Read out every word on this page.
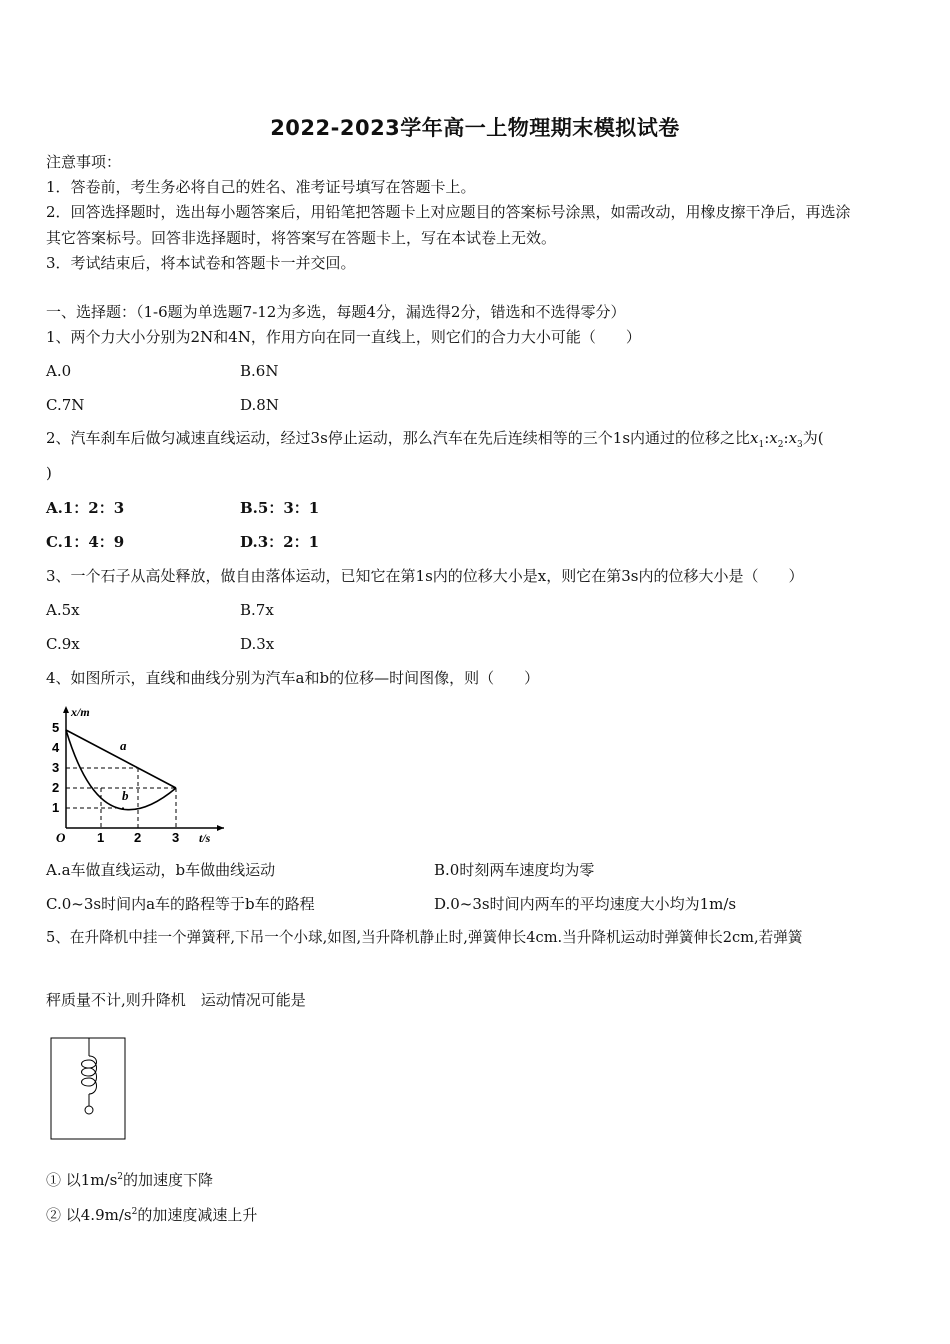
2022-2023学年高一上物理期末模拟试卷
注意事项：
1．答卷前，考生务必将自己的姓名、准考证号填写在答题卡上。
2．回答选择题时，选出每小题答案后，用铅笔把答题卡上对应题目的答案标号涂黑，如需改动，用橡皮擦干净后，再选涂
其它答案标号。回答非选择题时，将答案写在答题卡上，写在本试卷上无效。
3．考试结束后，将本试卷和答题卡一并交回。
一、选择题：（1-6题为单选题7-12为多选，每题4分，漏选得2分，错选和不选得零分）
1、两个力大小分别为2N和4N，作用方向在同一直线上，则它们的合力大小可能（　　）
A.0	B.6N
C.7N	D.8N
2、汽车刹车后做匀减速直线运动，经过3s停止运动，那么汽车在先后连续相等的三个1s内通过的位移之比$x_1:x_2:x_3$为(
)
A.1：2：3	B.5：3：1
C.1：4：9	D.3：2：1
3、一个石子从高处释放，做自由落体运动，已知它在第1s内的位移大小是x，则它在第3s内的位移大小是（　　）
A.5x	B.7x
C.9x	D.3x
4、如图所示，直线和曲线分别为汽车a和b的位移—时间图像，则（　　）
x/m
t/s
O
5
4
3
2
1
1 2 3
a
b
A.a车做直线运动，b车做曲线运动	B.0时刻两车速度均为零
C.0~3s时间内a车的路程等于b车的路程	D.0~3s时间内两车的平均速度大小均为1m/s
5、在升降机中挂一个弹簧秤,下吊一个小球,如图,当升降机静止时,弹簧伸长4cm.当升降机运动时弹簧伸长2cm,若弹簧
秤质量不计,则升降机　运动情况可能是
① 以$1m/s^2$的加速度下降
② 以$4.9m/s^2$的加速度减速上升
